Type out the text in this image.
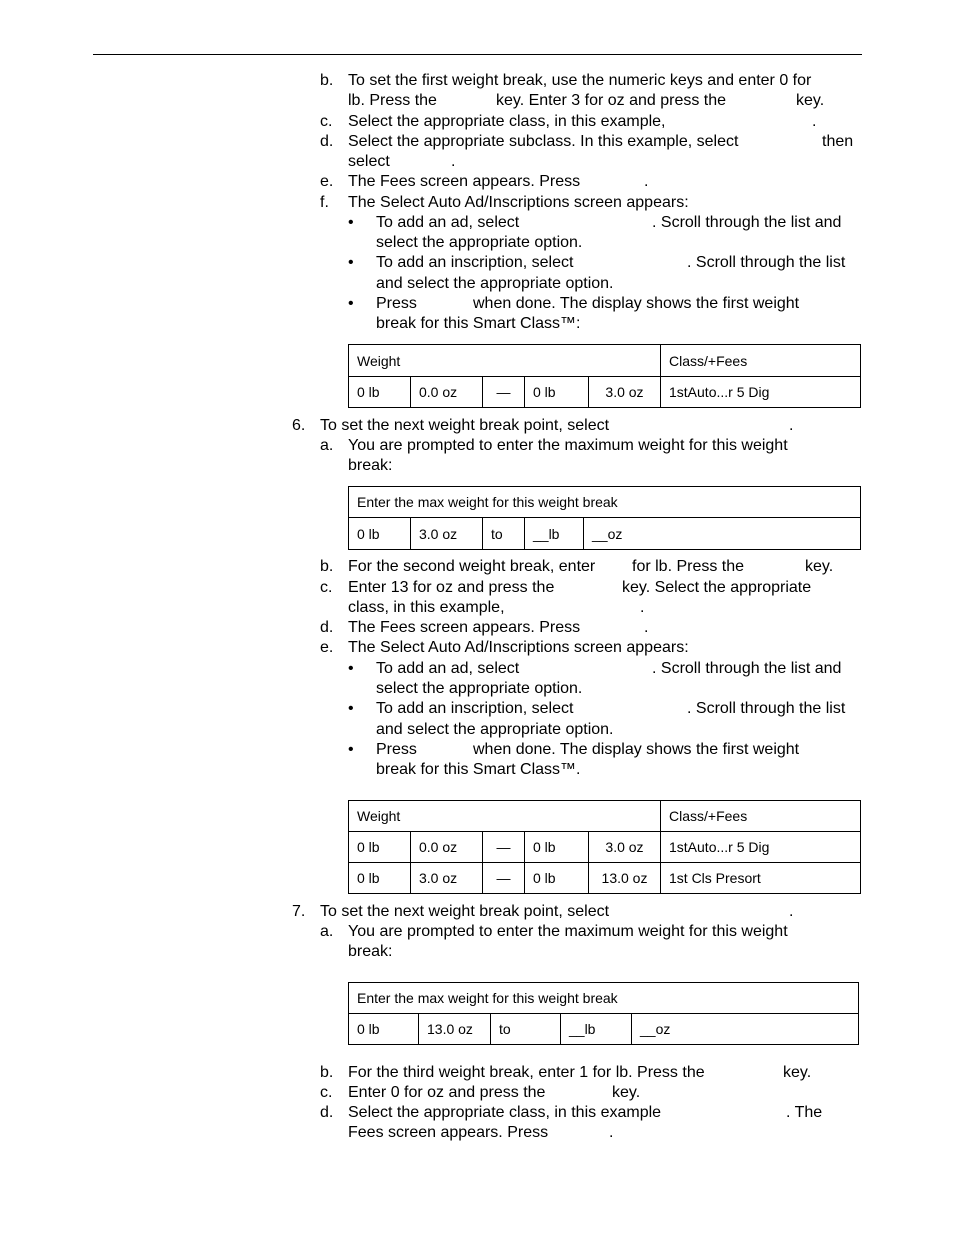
b. To set the first weight break, use the numeric keys and enter 0 for
lb. Press the	key. Enter 3 for oz and press the	key.
c. Select the appropriate class, in this example,	.
d. Select the appropriate subclass. In this example, select	then
select	.
e. The Fees screen appears. Press	.
f. The Select Auto Ad/Inscriptions screen appears:
• To add an ad, select	. Scroll through the list and
select the appropriate option.
• To add an inscription, select	. Scroll through the list
and select the appropriate option.
• Press	when done. The display shows the first weight
break for this Smart Class™:
Weight					Class/+Fees
0 lb	0.0 oz	—	0 lb	3.0 oz	1stAuto...r 5 Dig
6. To set the next weight break point, select	.
a. You are prompted to enter the maximum weight for this weight
break:
Enter the max weight for this weight break
0 lb	3.0 oz	to	__lb	__oz
b. For the second weight break, enter for lb. Press the	key.
c. Enter 13 for oz and press the	key. Select the appropriate
class, in this example,	.
d. The Fees screen appears. Press	.
e. The Select Auto Ad/Inscriptions screen appears:
• To add an ad, select	. Scroll through the list and
select the appropriate option.
• To add an inscription, select	. Scroll through the list
and select the appropriate option.
• Press	when done. The display shows the first weight
break for this Smart Class™.
Weight					Class/+Fees
0 lb	0.0 oz	—	0 lb	3.0 oz	1stAuto...r 5 Dig
0 lb	3.0 oz	—	0 lb	13.0 oz	1st Cls Presort
7. To set the next weight break point, select	.
a. You are prompted to enter the maximum weight for this weight
break:
Enter the max weight for this weight break
0 lb	13.0 oz	to	__lb	__oz
b. For the third weight break, enter 1 for lb. Press the	key.
c. Enter 0 for oz and press the	key.
d. Select the appropriate class, in this example	. The
Fees screen appears. Press	.
